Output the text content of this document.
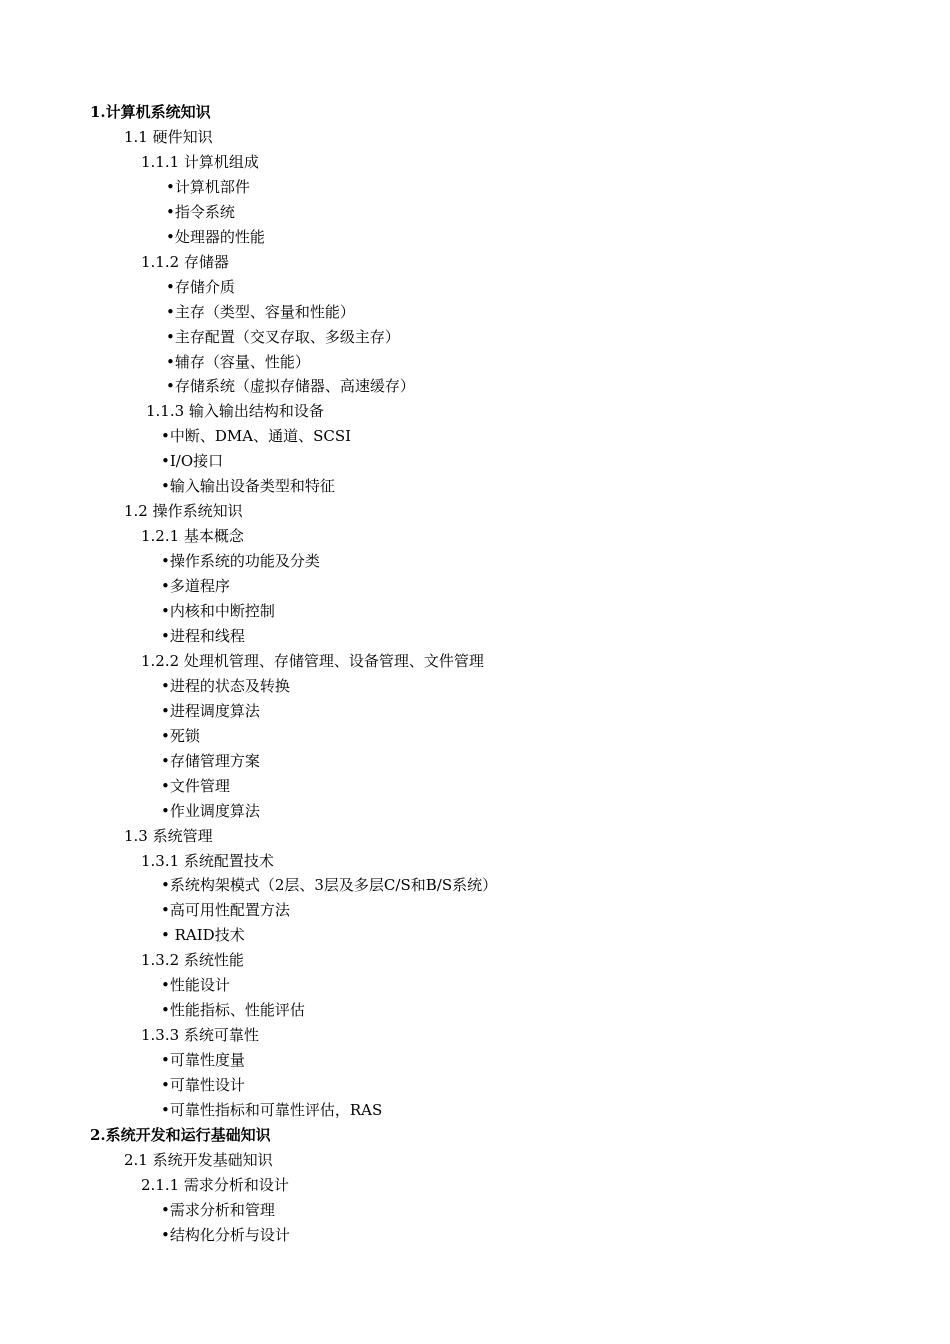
1.计算机系统知识
1.1 硬件知识
1.1.1 计算机组成
•计算机部件
•指令系统
•处理器的性能
1.1.2 存储器
•存储介质
•主存（类型、容量和性能）
•主存配置（交叉存取、多级主存）
•辅存（容量、性能）
•存储系统（虚拟存储器、高速缓存）
1.1.3 输入输出结构和设备
•中断、DMA、通道、SCSI
•I/O接口
•输入输出设备类型和特征
1.2 操作系统知识
1.2.1 基本概念
•操作系统的功能及分类
•多道程序
•内核和中断控制
•进程和线程
1.2.2 处理机管理、存储管理、设备管理、文件管理
•进程的状态及转换
•进程调度算法
•死锁
•存储管理方案
•文件管理
•作业调度算法
1.3 系统管理
1.3.1 系统配置技术
•系统构架模式（2层、3层及多层C/S和B/S系统）
•高可用性配置方法
• RAID技术
1.3.2 系统性能
•性能设计
•性能指标、性能评估
1.3.3 系统可靠性
•可靠性度量
•可靠性设计
•可靠性指标和可靠性评估，RAS
2.系统开发和运行基础知识
2.1 系统开发基础知识
2.1.1 需求分析和设计
•需求分析和管理
•结构化分析与设计
